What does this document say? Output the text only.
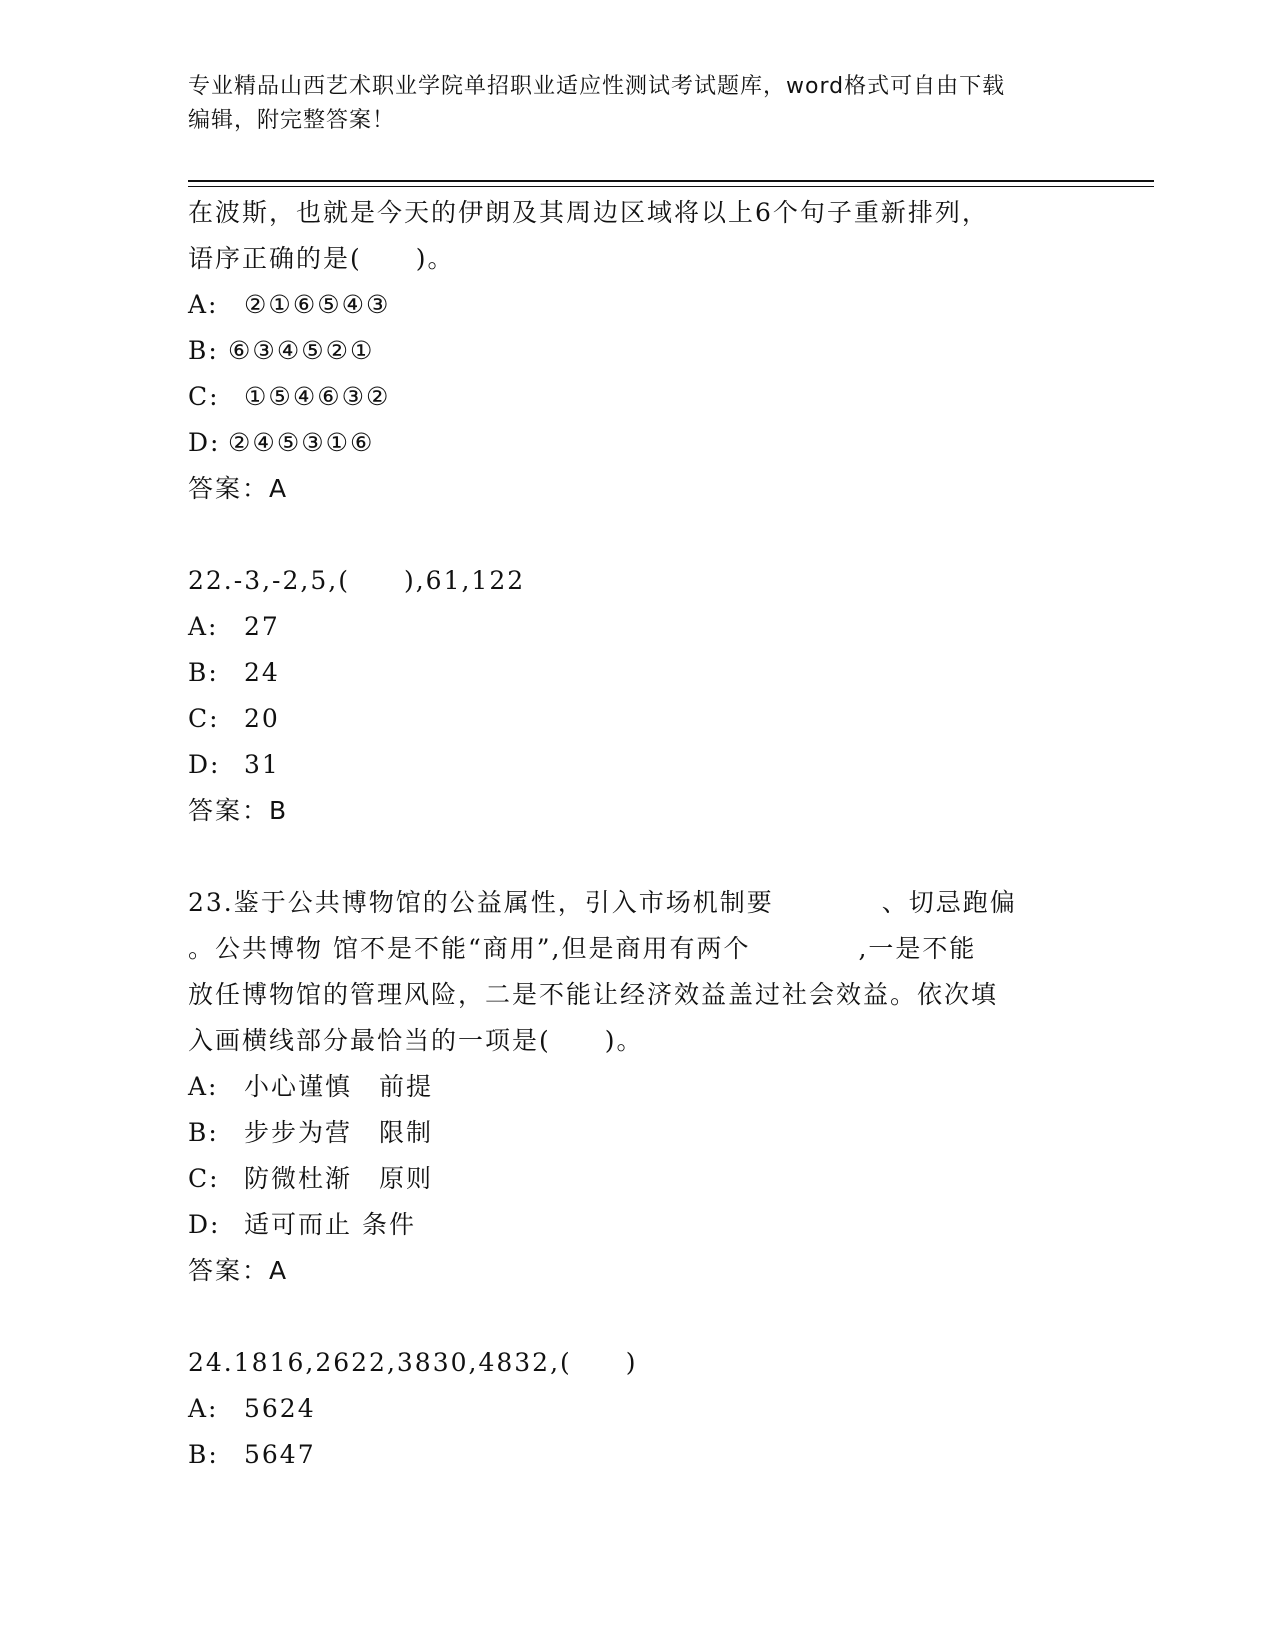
专业精品山西艺术职业学院单招职业适应性测试考试题库，word格式可自由下载
编辑，附完整答案！
在波斯，也就是今天的伊朗及其周边区域将以上6个句子重新排列，
语序正确的是(　　)。
A:	②①⑥⑤④③
B: ⑥③④⑤②①
C: ①⑤④⑥③②
D: ②④⑤③①⑥
答案：A
22.-3,-2,5,(　　),61,122
A:	27
B:	24
C: 20
D: 31
答案：B
23.鉴于公共博物馆的公益属性，引入市场机制要　　　　、切忌跑偏
。公共博物 馆不是不能“商用”,但是商用有两个　　　　,一是不能
放任博物馆的管理风险，二是不能让经济效益盖过社会效益。依次填
入画横线部分最恰当的一项是(　　)。
A:	小心谨慎　前提
B:	步步为营　限制
C: 防微杜渐　原则
D: 适可而止 条件
答案：A
24.1816,2622,3830,4832,(　　)
A:	5624
B:	5647
